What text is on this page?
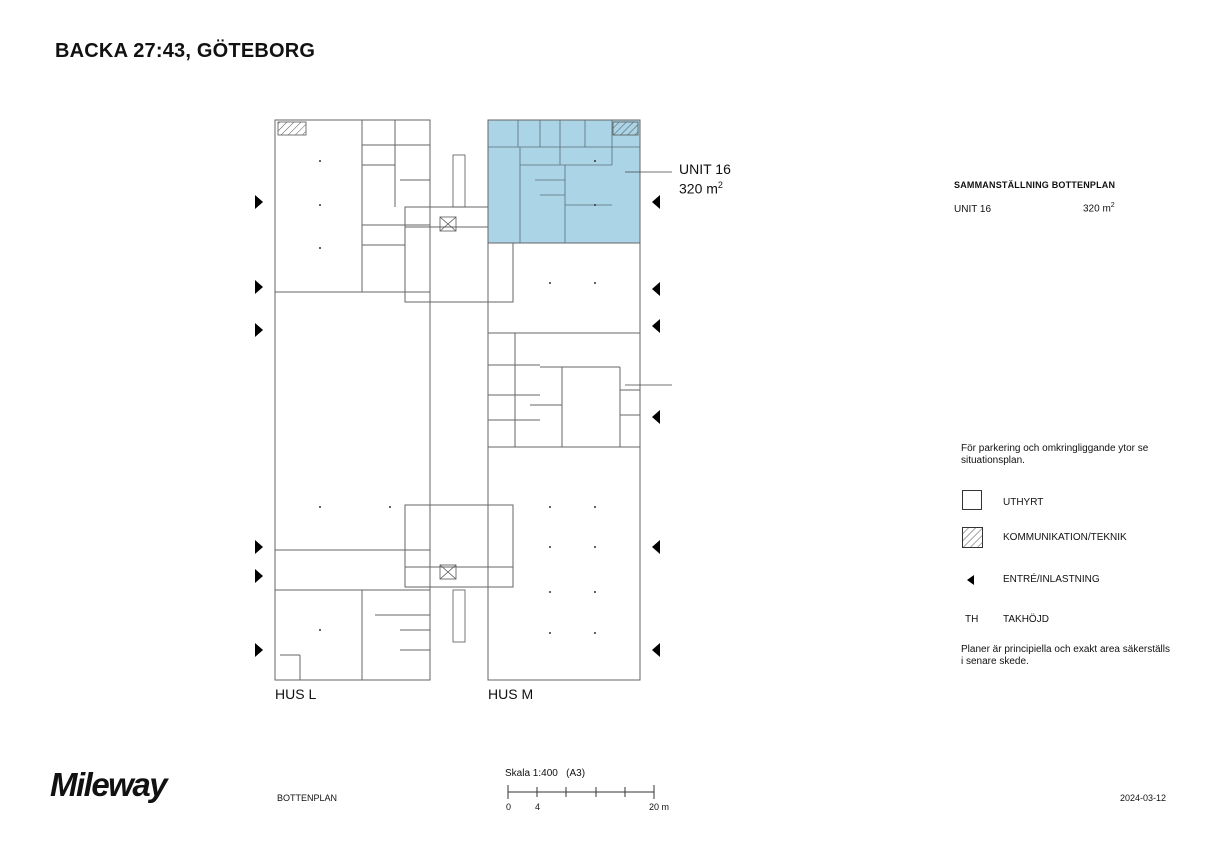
BACKA 27:43, GÖTEBORG
UNIT 16
320 $m^2$
HUS L	HUS M
SAMMANSTÄLLNING BOTTENPLAN
UNIT 16	320 $m^2$
För parkering och omkringliggande ytor se situationsplan.
UTHYRT
KOMMUNIKATION/TEKNIK
ENTRÉ/INLASTNING
TH TAKHÖJD
Planer är principiella och exakt area säkerställs i senare skede.
Mileway	BOTTENPLAN
Skala 1:400 (A3)
0	4	20 m
2024-03-12
